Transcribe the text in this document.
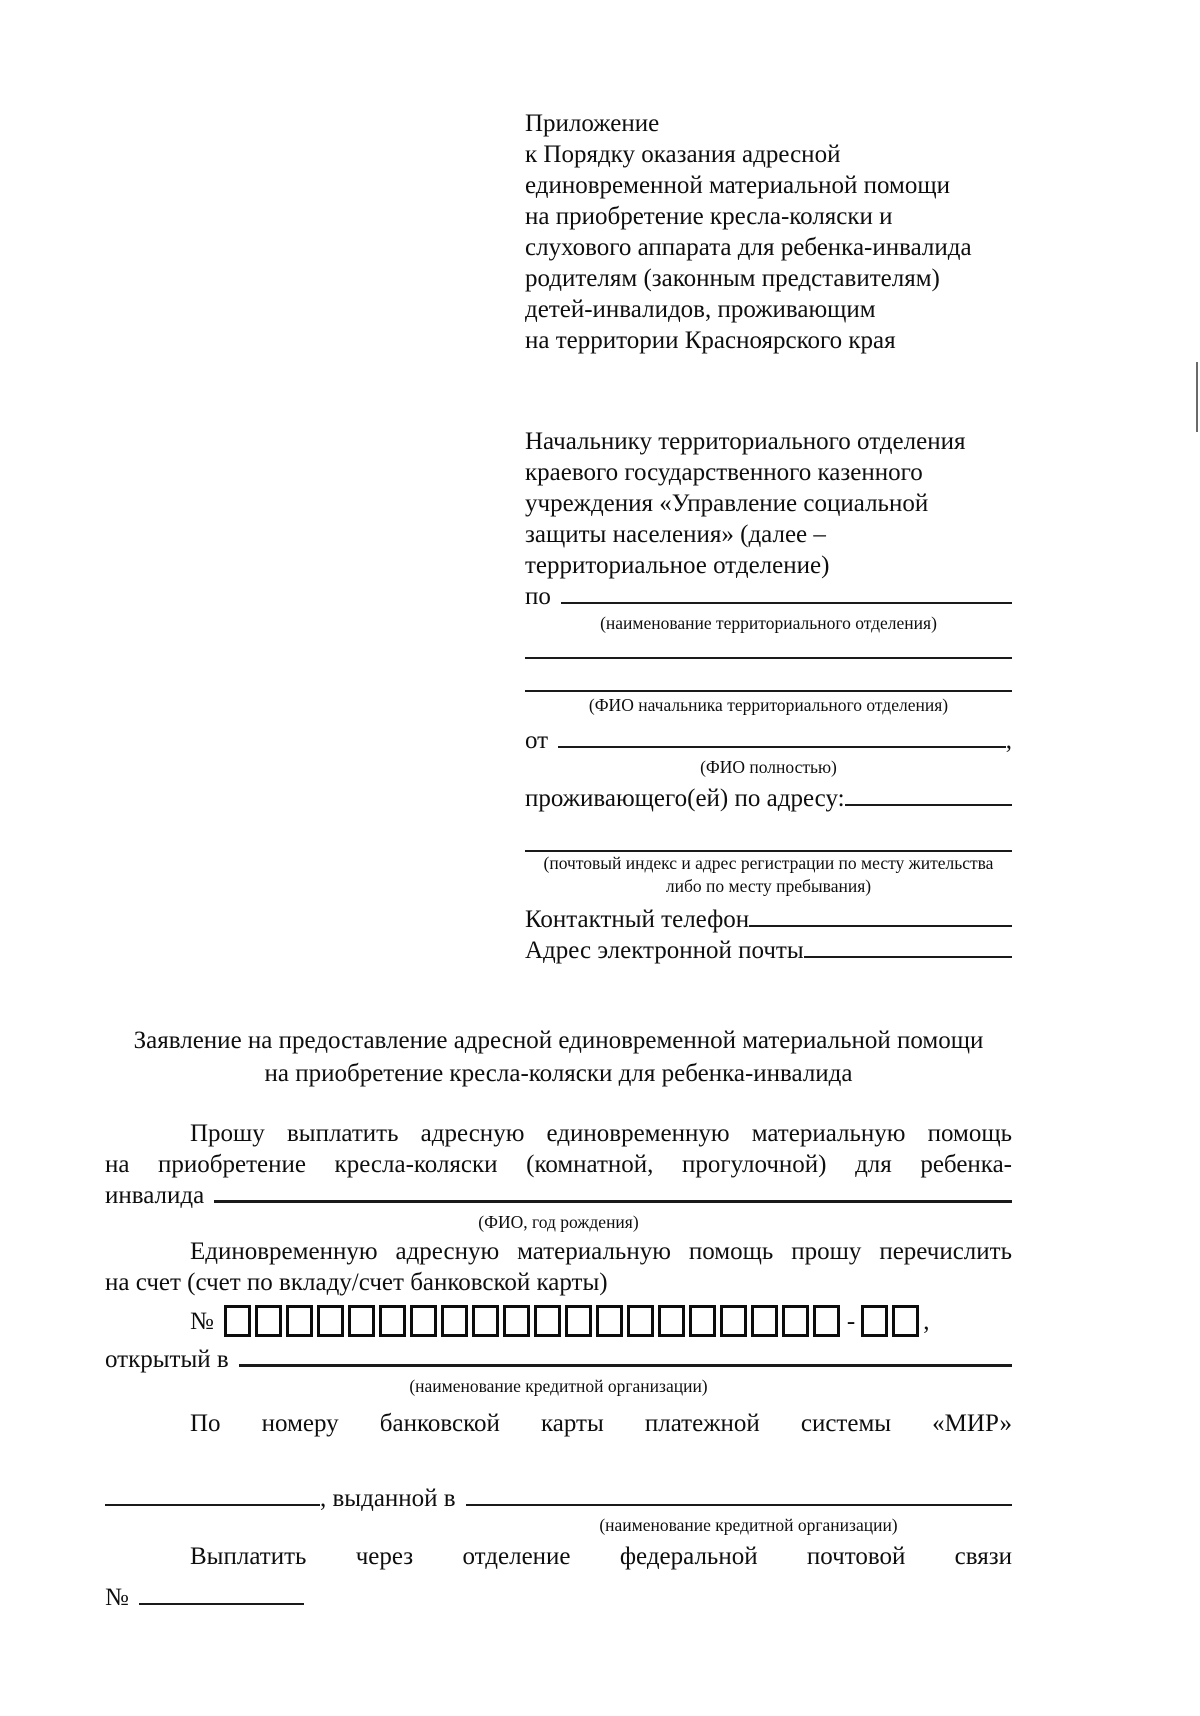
Приложение
к Порядку оказания адресной
единовременной материальной помощи
на приобретение кресла-коляски и
слухового аппарата для ребенка-инвалида
родителям (законным представителям)
детей-инвалидов, проживающим
на территории Красноярского края
Начальнику территориального отделения
краевого государственного казенного
учреждения «Управление социальной
защиты населения» (далее –
территориальное отделение)
по
(наименование территориального отделения)
(ФИО начальника территориального отделения)
от	,
(ФИО полностью)
проживающего(ей) по адресу:
(почтовый индекс и адрес регистрации по месту жительства
либо по месту пребывания)
Контактный телефон
Адрес электронной почты
Заявление на предоставление адресной единовременной материальной помощи
на приобретение кресла-коляски для ребенка-инвалида
Прошу выплатить адресную единовременную материальную помощь
на приобретение кресла-коляски (комнатной, прогулочной) для ребенка-
инвалида
(ФИО, год рождения)
Единовременную адресную материальную помощь прошу перечислить
на счет (счет по вкладу/счет банковской карты)
№	-	,
открытый в
(наименование кредитной организации)
По номеру банковской карты платежной системы «МИР»
, выданной в
(наименование кредитной организации)
Выплатить через отделение федеральной почтовой связи
№
